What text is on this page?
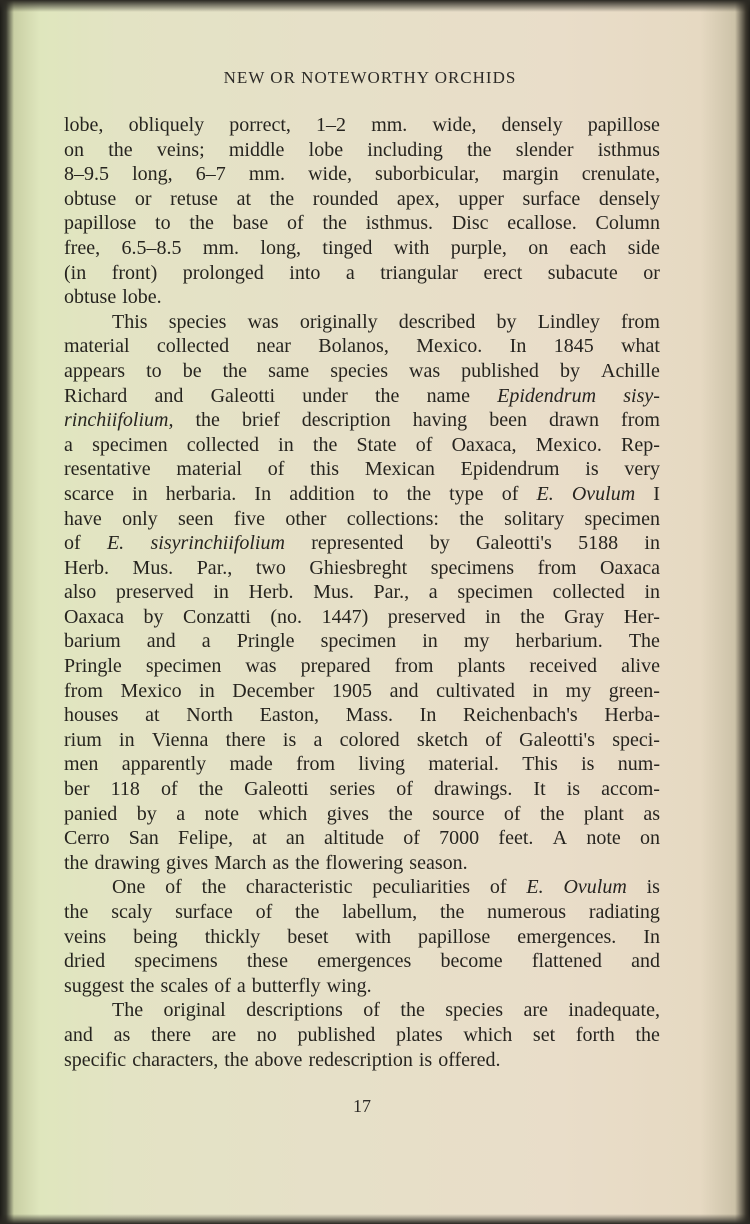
NEW OR NOTEWORTHY ORCHIDS
lobe, obliquely porrect, 1–2 mm. wide, densely papillose
on the veins; middle lobe including the slender isthmus
8–9.5 long, 6–7 mm. wide, suborbicular, margin crenulate,
obtuse or retuse at the rounded apex, upper surface densely
papillose to the base of the isthmus. Disc ecallose. Column
free, 6.5–8.5 mm. long, tinged with purple, on each side
(in front) prolonged into a triangular erect subacute or
obtuse lobe.
This species was originally described by Lindley from
material collected near Bolanos, Mexico. In 1845 what
appears to be the same species was published by Achille
Richard and Galeotti under the name Epidendrum sisy-
rinchiifolium, the brief description having been drawn from
a specimen collected in the State of Oaxaca, Mexico. Rep-
resentative material of this Mexican Epidendrum is very
scarce in herbaria. In addition to the type of E. Ovulum I
have only seen five other collections: the solitary specimen
of E. sisyrinchiifolium represented by Galeotti's 5188 in
Herb. Mus. Par., two Ghiesbreght specimens from Oaxaca
also preserved in Herb. Mus. Par., a specimen collected in
Oaxaca by Conzatti (no. 1447) preserved in the Gray Her-
barium and a Pringle specimen in my herbarium. The
Pringle specimen was prepared from plants received alive
from Mexico in December 1905 and cultivated in my green-
houses at North Easton, Mass. In Reichenbach's Herba-
rium in Vienna there is a colored sketch of Galeotti's speci-
men apparently made from living material. This is num-
ber 118 of the Galeotti series of drawings. It is accom-
panied by a note which gives the source of the plant as
Cerro San Felipe, at an altitude of 7000 feet. A note on
the drawing gives March as the flowering season.
One of the characteristic peculiarities of E. Ovulum is
the scaly surface of the labellum, the numerous radiating
veins being thickly beset with papillose emergences. In
dried specimens these emergences become flattened and
suggest the scales of a butterfly wing.
The original descriptions of the species are inadequate,
and as there are no published plates which set forth the
specific characters, the above redescription is offered.
17
